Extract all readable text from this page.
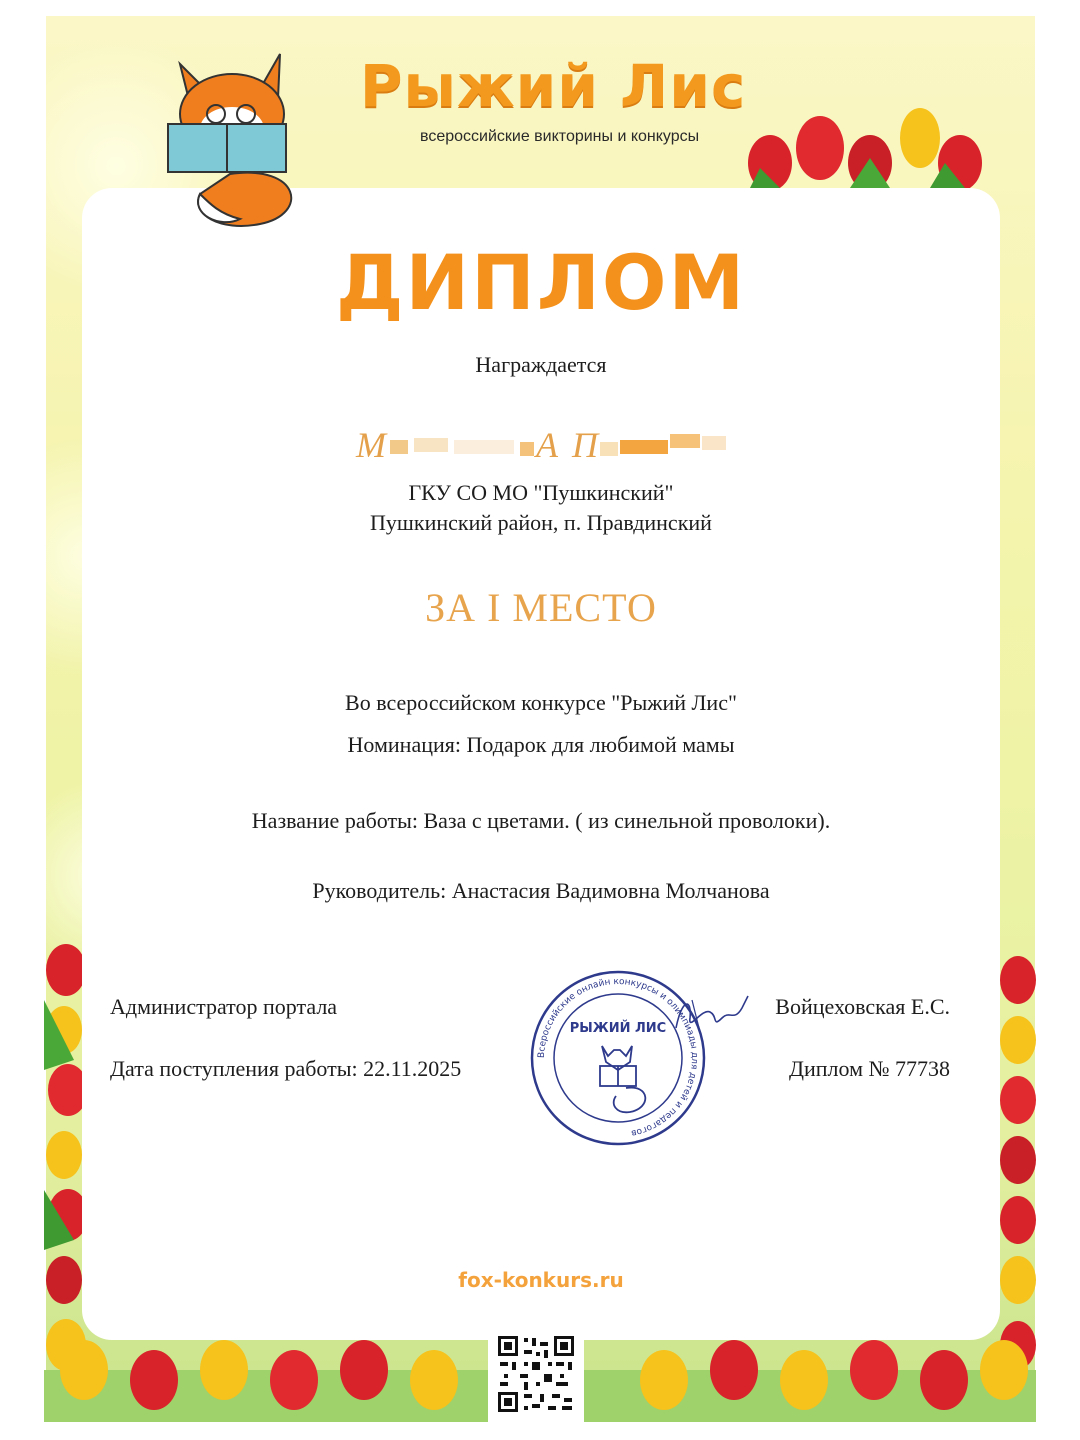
Рыжий Лис
всероссийские викторины и конкурсы
ДИПЛОМ
Награждается
М	А П
ГКУ СО МО "Пушкинский"
Пушкинский район, п. Правдинский
ЗА I МЕСТО
Во всероссийском конкурсе "Рыжий Лис"
Номинация: Подарок для любимой мамы
Название работы: Ваза с цветами. ( из синельной проволоки).
Руководитель: Анастасия Вадимовна Молчанова
Администратор портала
Дата поступления работы: 22.11.2025
Войцеховская Е.С.
Диплом № 77738
Всероссийские онлайн конкурсы и олимпиады для детей и педагогов
РЫЖИЙ ЛИС
fox-konkurs.ru
